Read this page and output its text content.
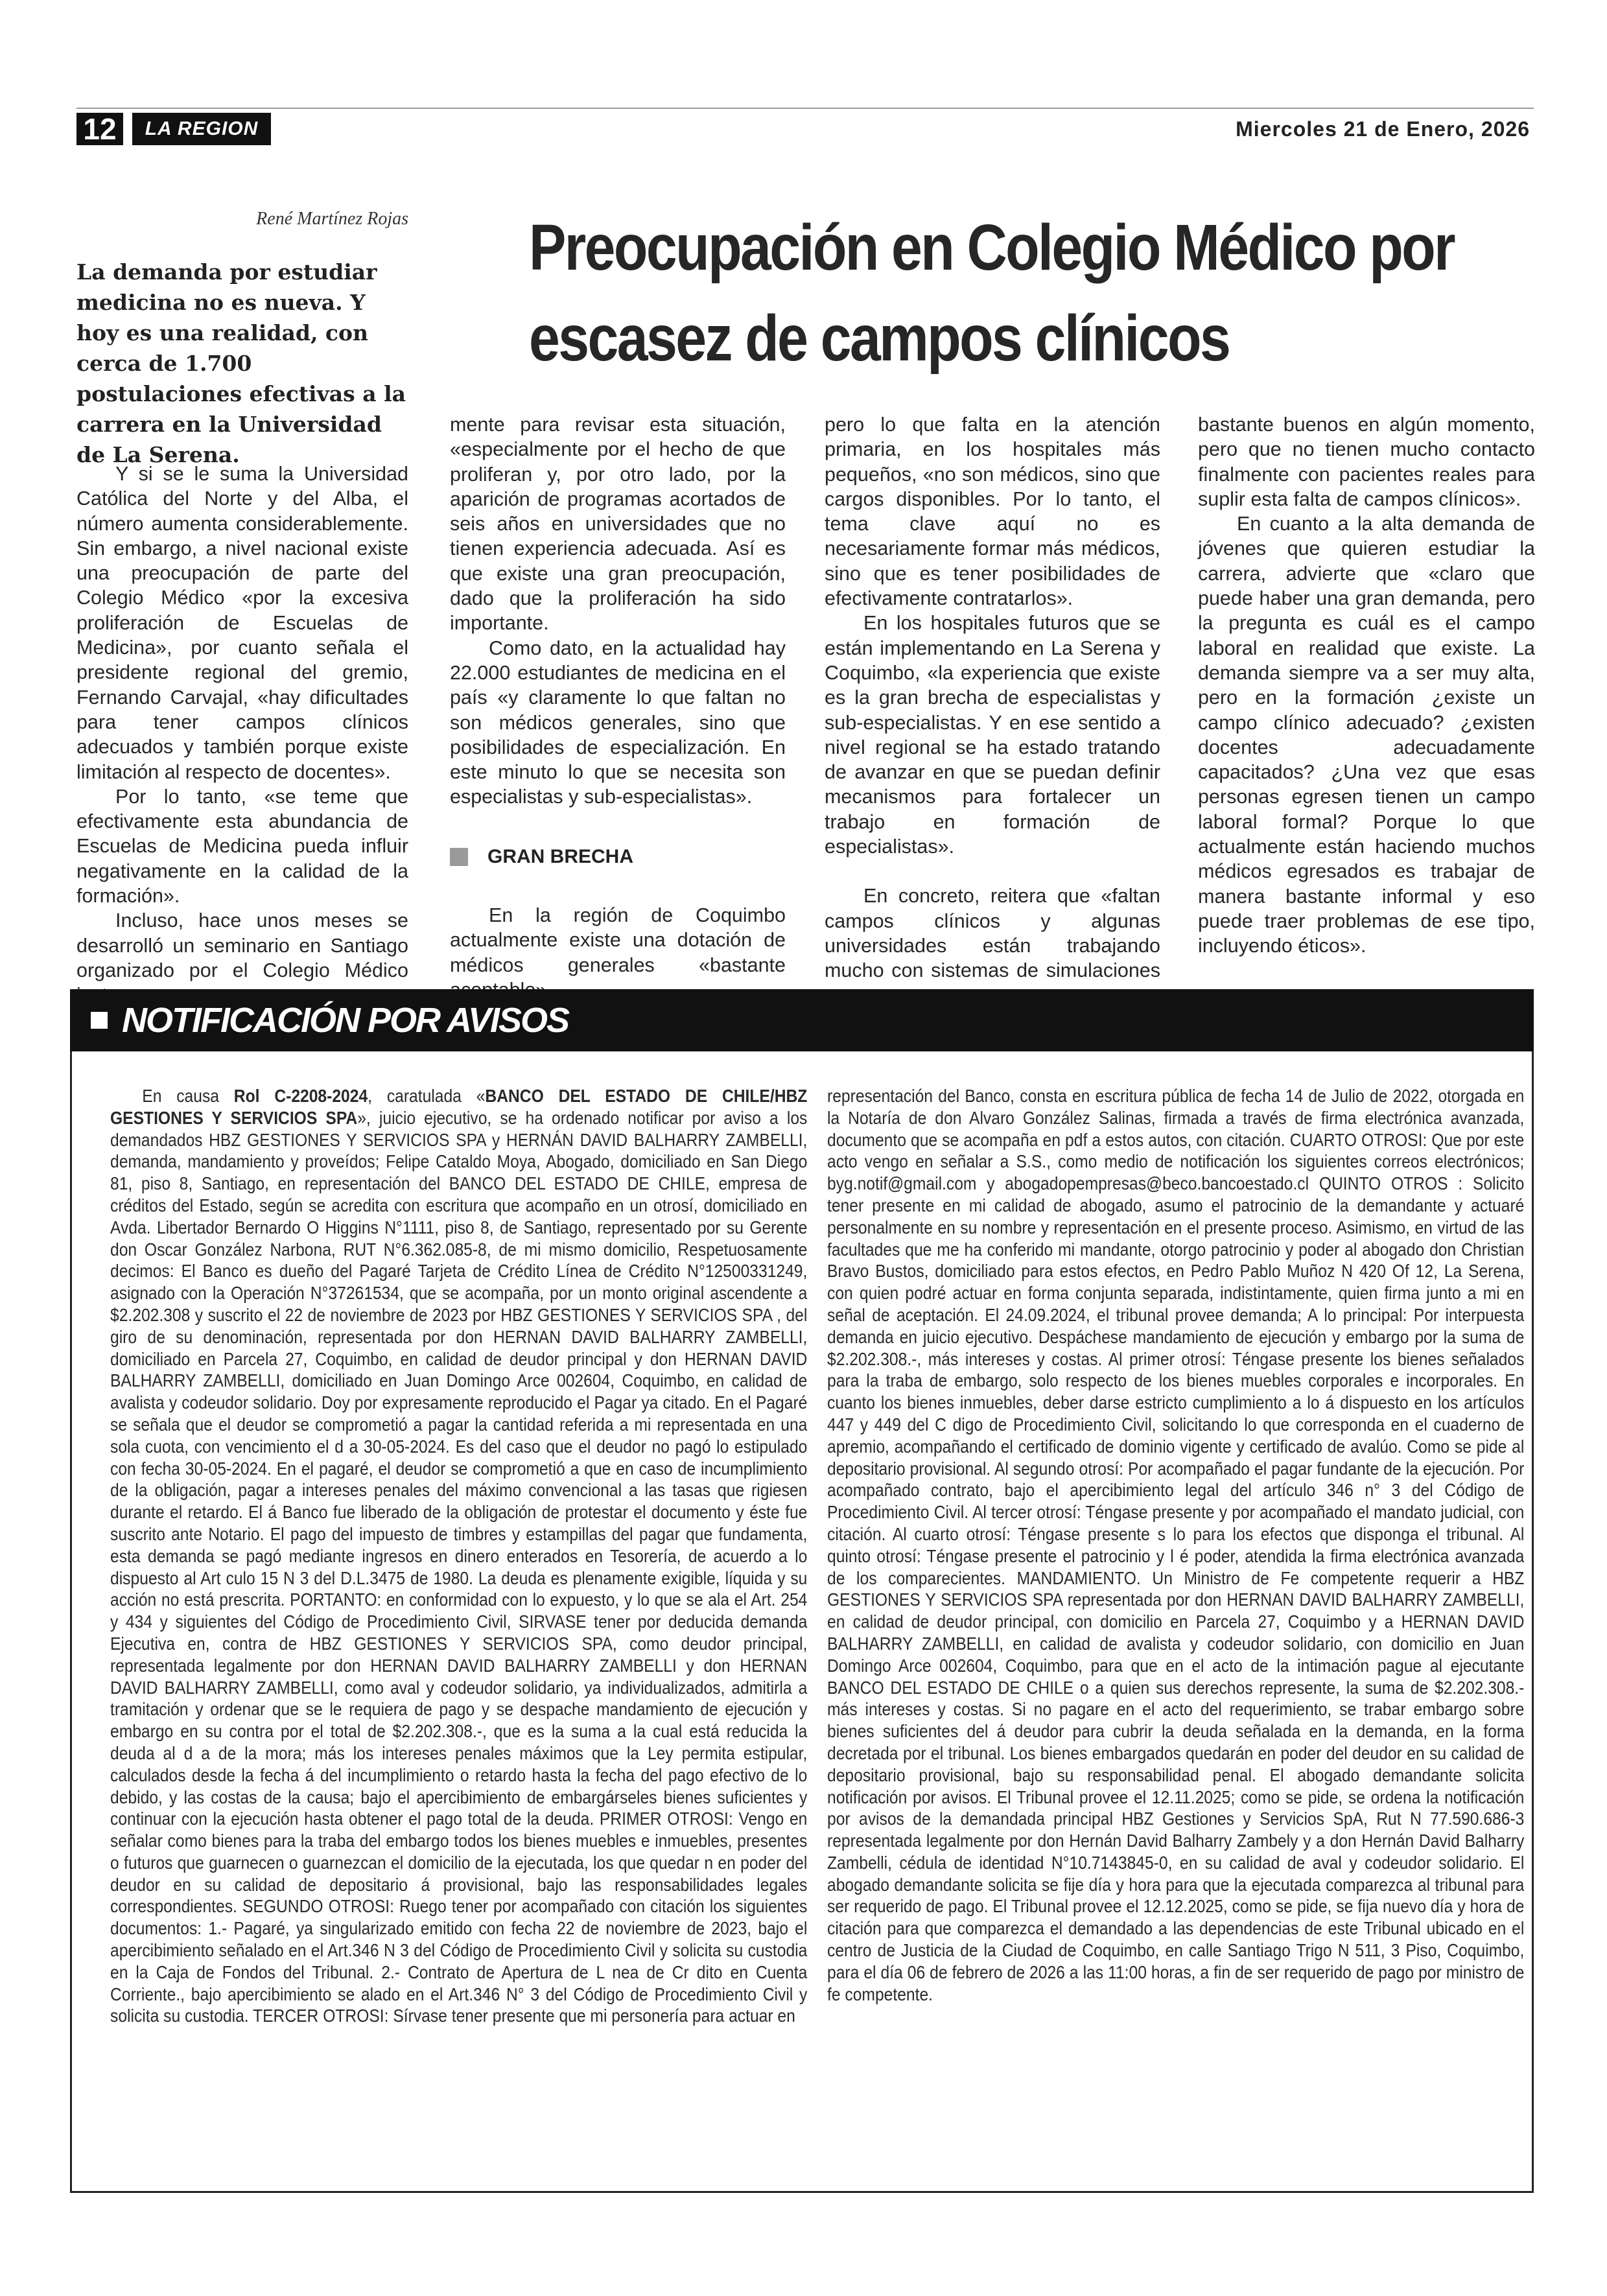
12	LA REGION	Miercoles 21 de Enero, 2026
René Martínez Rojas
La demanda por estudiar medicina no es nueva. Y hoy es una realidad, con cerca de 1.700 postulaciones efectivas a la carrera en la Universidad de La Serena.
Preocupación en Colegio Médico por escasez de campos clínicos

Y si se le suma la Universidad Católica del Norte y del Alba, el número aumenta considerablemente. Sin embargo, a nivel nacional existe una preocupación de parte del Colegio Médico «por la excesiva proliferación de Escuelas de Medicina», por cuanto señala el presidente regional del gremio, Fernando Carvajal, «hay dificultades para tener campos clínicos adecuados y también porque existe limitación al respecto de docentes».

Por lo tanto, «se teme que efectivamente esta abundancia de Escuelas de Medicina pueda influir negativamente en la calidad de la formación».

Incluso, hace unos meses se desarrolló un seminario en Santiago organizado por el Colegio Médico

mente para revisar esta situación, «especialmente por el hecho de que proliferan y, por otro lado, por la aparición de programas acortados de seis años en universidades que no tienen experiencia adecuada. Así es que existe una gran preocupación, dado que la proliferación ha sido importante.

Como dato, en la actualidad hay 22.000 estudiantes de medicina en el país «y claramente lo que faltan no son médicos generales, sino que posibilidades de especialización. En este minuto lo que se necesita son especialistas y sub-especialistas».

GRAN BRECHA

En la región de Coquimbo actualmente existe una dotación de médicos generales «bastante

pero lo que falta en la atención primaria, en los hospitales más pequeños, «no son médicos, sino que cargos disponibles. Por lo tanto, el tema clave aquí no es necesariamente formar más médicos, sino que es tener posibilidades de efectivamente contratarlos».

En los hospitales futuros que se están implementando en La Serena y Coquimbo, «la experiencia que existe es la gran brecha de especialistas y sub-especialistas. Y en ese sentido a nivel regional se ha estado tratando de avanzar en que se puedan definir mecanismos para fortalecer un trabajo en formación de especialistas».

En concreto, reitera que «faltan campos clínicos y algunas universidades están trabajando mucho con sistemas de simulaciones

bastante buenos en algún momento, pero que no tienen mucho contacto finalmente con pacientes reales para suplir esta falta de campos clínicos».

En cuanto a la alta demanda de jóvenes que quieren estudiar la carrera, advierte que «claro que puede haber una gran demanda, pero la pregunta es cuál es el campo laboral en realidad que existe. La demanda siempre va a ser muy alta, pero en la formación ¿existe un campo clínico adecuado? ¿existen docentes adecuadamente capacitados? ¿Una vez que esas personas egresen tienen un campo laboral formal? Porque lo que actualmente están haciendo muchos médicos egresados es trabajar de manera bastante informal y eso puede traer problemas de ese tipo, incluyendo éticos».

NOTIFICACIÓN POR AVISOS

En causa Rol C-2208-2024, caratulada «BANCO DEL ESTADO DE CHILE/HBZ GESTIONES Y SERVICIOS SPA», juicio ejecutivo, se ha ordenado notificar por aviso a los demandados HBZ GESTIONES Y SERVICIOS SPA y HERNÁN DAVID BALHARRY ZAMBELLI, demanda, mandamiento y proveídos; Felipe Cataldo Moya, Abogado, domiciliado en San Diego 81, piso 8, Santiago, en representación del BANCO DEL ESTADO DE CHILE, empresa de créditos del Estado, según se acredita con escritura que acompaño en un otrosí, domiciliado en Avda. Libertador Bernardo O Higgins N°1111, piso 8, de Santiago, representado por su Gerente don Oscar González Narbona, RUT N°6.362.085-8, de mi mismo domicilio, Respetuosamente decimos: El Banco es dueño del Pagaré Tarjeta de Crédito Línea de Crédito N°12500331249, asignado con la Operación N°37261534, que se acompaña, por un monto original ascendente a $2.202.308 y suscrito el 22 de noviembre de 2023 por HBZ GESTIONES Y SERVICIOS SPA , del giro de su denominación, representada por don HERNAN DAVID BALHARRY ZAMBELLI, domiciliado en Parcela 27, Coquimbo, en calidad de deudor principal y don HERNAN DAVID BALHARRY ZAMBELLI, domiciliado en Juan Domingo Arce 002604, Coquimbo, en calidad de avalista y codeudor solidario. Doy por expresamente reproducido el Pagar ya citado. En el Pagaré se señala que el deudor se comprometió a pagar la cantidad referida a mi representada en una sola cuota, con vencimiento el d a 30-05-2024. Es del caso que el deudor no pagó lo estipulado con fecha 30-05-2024. En el pagaré, el deudor se comprometió a que en caso de incumplimiento de la obligación, pagar a intereses penales del máximo convencional a las tasas que rigiesen durante el retardo. El á Banco fue liberado de la obligación de protestar el documento y éste fue suscrito ante Notario. El pago del impuesto de timbres y estampillas del pagar que fundamenta, esta demanda se pagó mediante ingresos en dinero enterados en Tesorería, de acuerdo a lo dispuesto al Art culo 15 N 3 del D.L.3475 de 1980. La deuda es plenamente exigible, líquida y su acción no está prescrita. PORTANTO: en conformidad con lo expuesto, y lo que se ala el Art. 254 y 434 y siguientes del Código de Procedimiento Civil, SIRVASE tener por deducida demanda Ejecutiva en, contra de HBZ GESTIONES Y SERVICIOS SPA, como deudor principal, representada legalmente por don HERNAN DAVID BALHARRY ZAMBELLI y don HERNAN DAVID BALHARRY ZAMBELLI, como aval y codeudor solidario, ya individualizados, admitirla a tramitación y ordenar que se le requiera de pago y se despache mandamiento de ejecución y embargo en su contra por el total de $2.202.308.-, que es la suma a la cual está reducida la deuda al d a de la mora; más los intereses penales máximos que la Ley permita estipular, calculados desde la fecha á del incumplimiento o retardo hasta la fecha del pago efectivo de lo debido, y las costas de la causa; bajo el apercibimiento de embargárseles bienes suficientes y continuar con la ejecución hasta obtener el pago total de la deuda. PRIMER OTROSI: Vengo en señalar como bienes para la traba del embargo todos los bienes muebles e inmuebles, presentes o futuros que guarnecen o guarnezcan el domicilio de la ejecutada, los que quedar n en poder del deudor en su calidad de depositario á provisional, bajo las responsabilidades legales correspondientes. SEGUNDO OTROSI: Ruego tener por acompañado con citación los siguientes documentos: 1.- Pagaré, ya singularizado emitido con fecha 22 de noviembre de 2023, bajo el apercibimiento señalado en el Art.346 N 3 del Código de Procedimiento Civil y solicita su custodia en la Caja de Fondos del Tribunal. 2.- Contrato de Apertura de L nea de Cr dito en Cuenta Corriente., bajo apercibimiento se alado en el Art.346 N° 3 del Código de Procedimiento Civil y solicita su custodia. TERCER OTROSI: Sírvase tener presente que mi personería para actuar en

representación del Banco, consta en escritura pública de fecha 14 de Julio de 2022, otorgada en la Notaría de don Alvaro González Salinas, firmada a través de firma electrónica avanzada, documento que se acompaña en pdf a estos autos, con citación. CUARTO OTROSI: Que por este acto vengo en señalar a S.S., como medio de notificación los siguientes correos electrónicos; byg.notif@gmail.com y abogadopempresas@beco.bancoestado.cl QUINTO OTROS : Solicito tener presente en mi calidad de abogado, asumo el patrocinio de la demandante y actuaré personalmente en su nombre y representación en el presente proceso. Asimismo, en virtud de las facultades que me ha conferido mi mandante, otorgo patrocinio y poder al abogado don Christian Bravo Bustos, domiciliado para estos efectos, en Pedro Pablo Muñoz N 420 Of 12, La Serena, con quien podré actuar en forma conjunta separada, indistintamente, quien firma junto a mi en señal de aceptación. El 24.09.2024, el tribunal provee demanda; A lo principal: Por interpuesta demanda en juicio ejecutivo. Despáchese mandamiento de ejecución y embargo por la suma de $2.202.308.-, más intereses y costas. Al primer otrosí: Téngase presente los bienes señalados para la traba de embargo, solo respecto de los bienes muebles corporales e incorporales. En cuanto los bienes inmuebles, deber darse estricto cumplimiento a lo á dispuesto en los artículos 447 y 449 del C digo de Procedimiento Civil, solicitando lo que corresponda en el cuaderno de apremio, acompañando el certificado de dominio vigente y certificado de avalúo. Como se pide al depositario provisional. Al segundo otrosí: Por acompañado el pagar fundante de la ejecución. Por acompañado contrato, bajo el apercibimiento legal del artículo 346 n° 3 del Código de Procedimiento Civil. Al tercer otrosí: Téngase presente y por acompañado el mandato judicial, con citación. Al cuarto otrosí: Téngase presente s lo para los efectos que disponga el tribunal. Al quinto otrosí: Téngase presente el patrocinio y l é poder, atendida la firma electrónica avanzada de los comparecientes. MANDAMIENTO. Un Ministro de Fe competente requerir a HBZ GESTIONES Y SERVICIOS SPA representada por don HERNAN DAVID BALHARRY ZAMBELLI, en calidad de deudor principal, con domicilio en Parcela 27, Coquimbo y a HERNAN DAVID BALHARRY ZAMBELLI, en calidad de avalista y codeudor solidario, con domicilio en Juan Domingo Arce 002604, Coquimbo, para que en el acto de la intimación pague al ejecutante BANCO DEL ESTADO DE CHILE o a quien sus derechos represente, la suma de $2.202.308.- más intereses y costas. Si no pagare en el acto del requerimiento, se trabar embargo sobre bienes suficientes del á deudor para cubrir la deuda señalada en la demanda, en la forma decretada por el tribunal. Los bienes embargados quedarán en poder del deudor en su calidad de depositario provisional, bajo su responsabilidad penal. El abogado demandante solicita notificación por avisos. El Tribunal provee el 12.11.2025; como se pide, se ordena la notificación por avisos de la demandada principal HBZ Gestiones y Servicios SpA, Rut N 77.590.686-3 representada legalmente por don Hernán David Balharry Zambely y a don Hernán David Balharry Zambelli, cédula de identidad N°10.7143845-0, en su calidad de aval y codeudor solidario. El abogado demandante solicita se fije día y hora para que la ejecutada comparezca al tribunal para ser requerido de pago. El Tribunal provee el 12.12.2025, como se pide, se fija nuevo día y hora de citación para que comparezca el demandado a las dependencias de este Tribunal ubicado en el centro de Justicia de la Ciudad de Coquimbo, en calle Santiago Trigo N 511, 3 Piso, Coquimbo, para el día 06 de febrero de 2026 a las 11:00 horas, a fin de ser requerido de pago por ministro de fe competente.
